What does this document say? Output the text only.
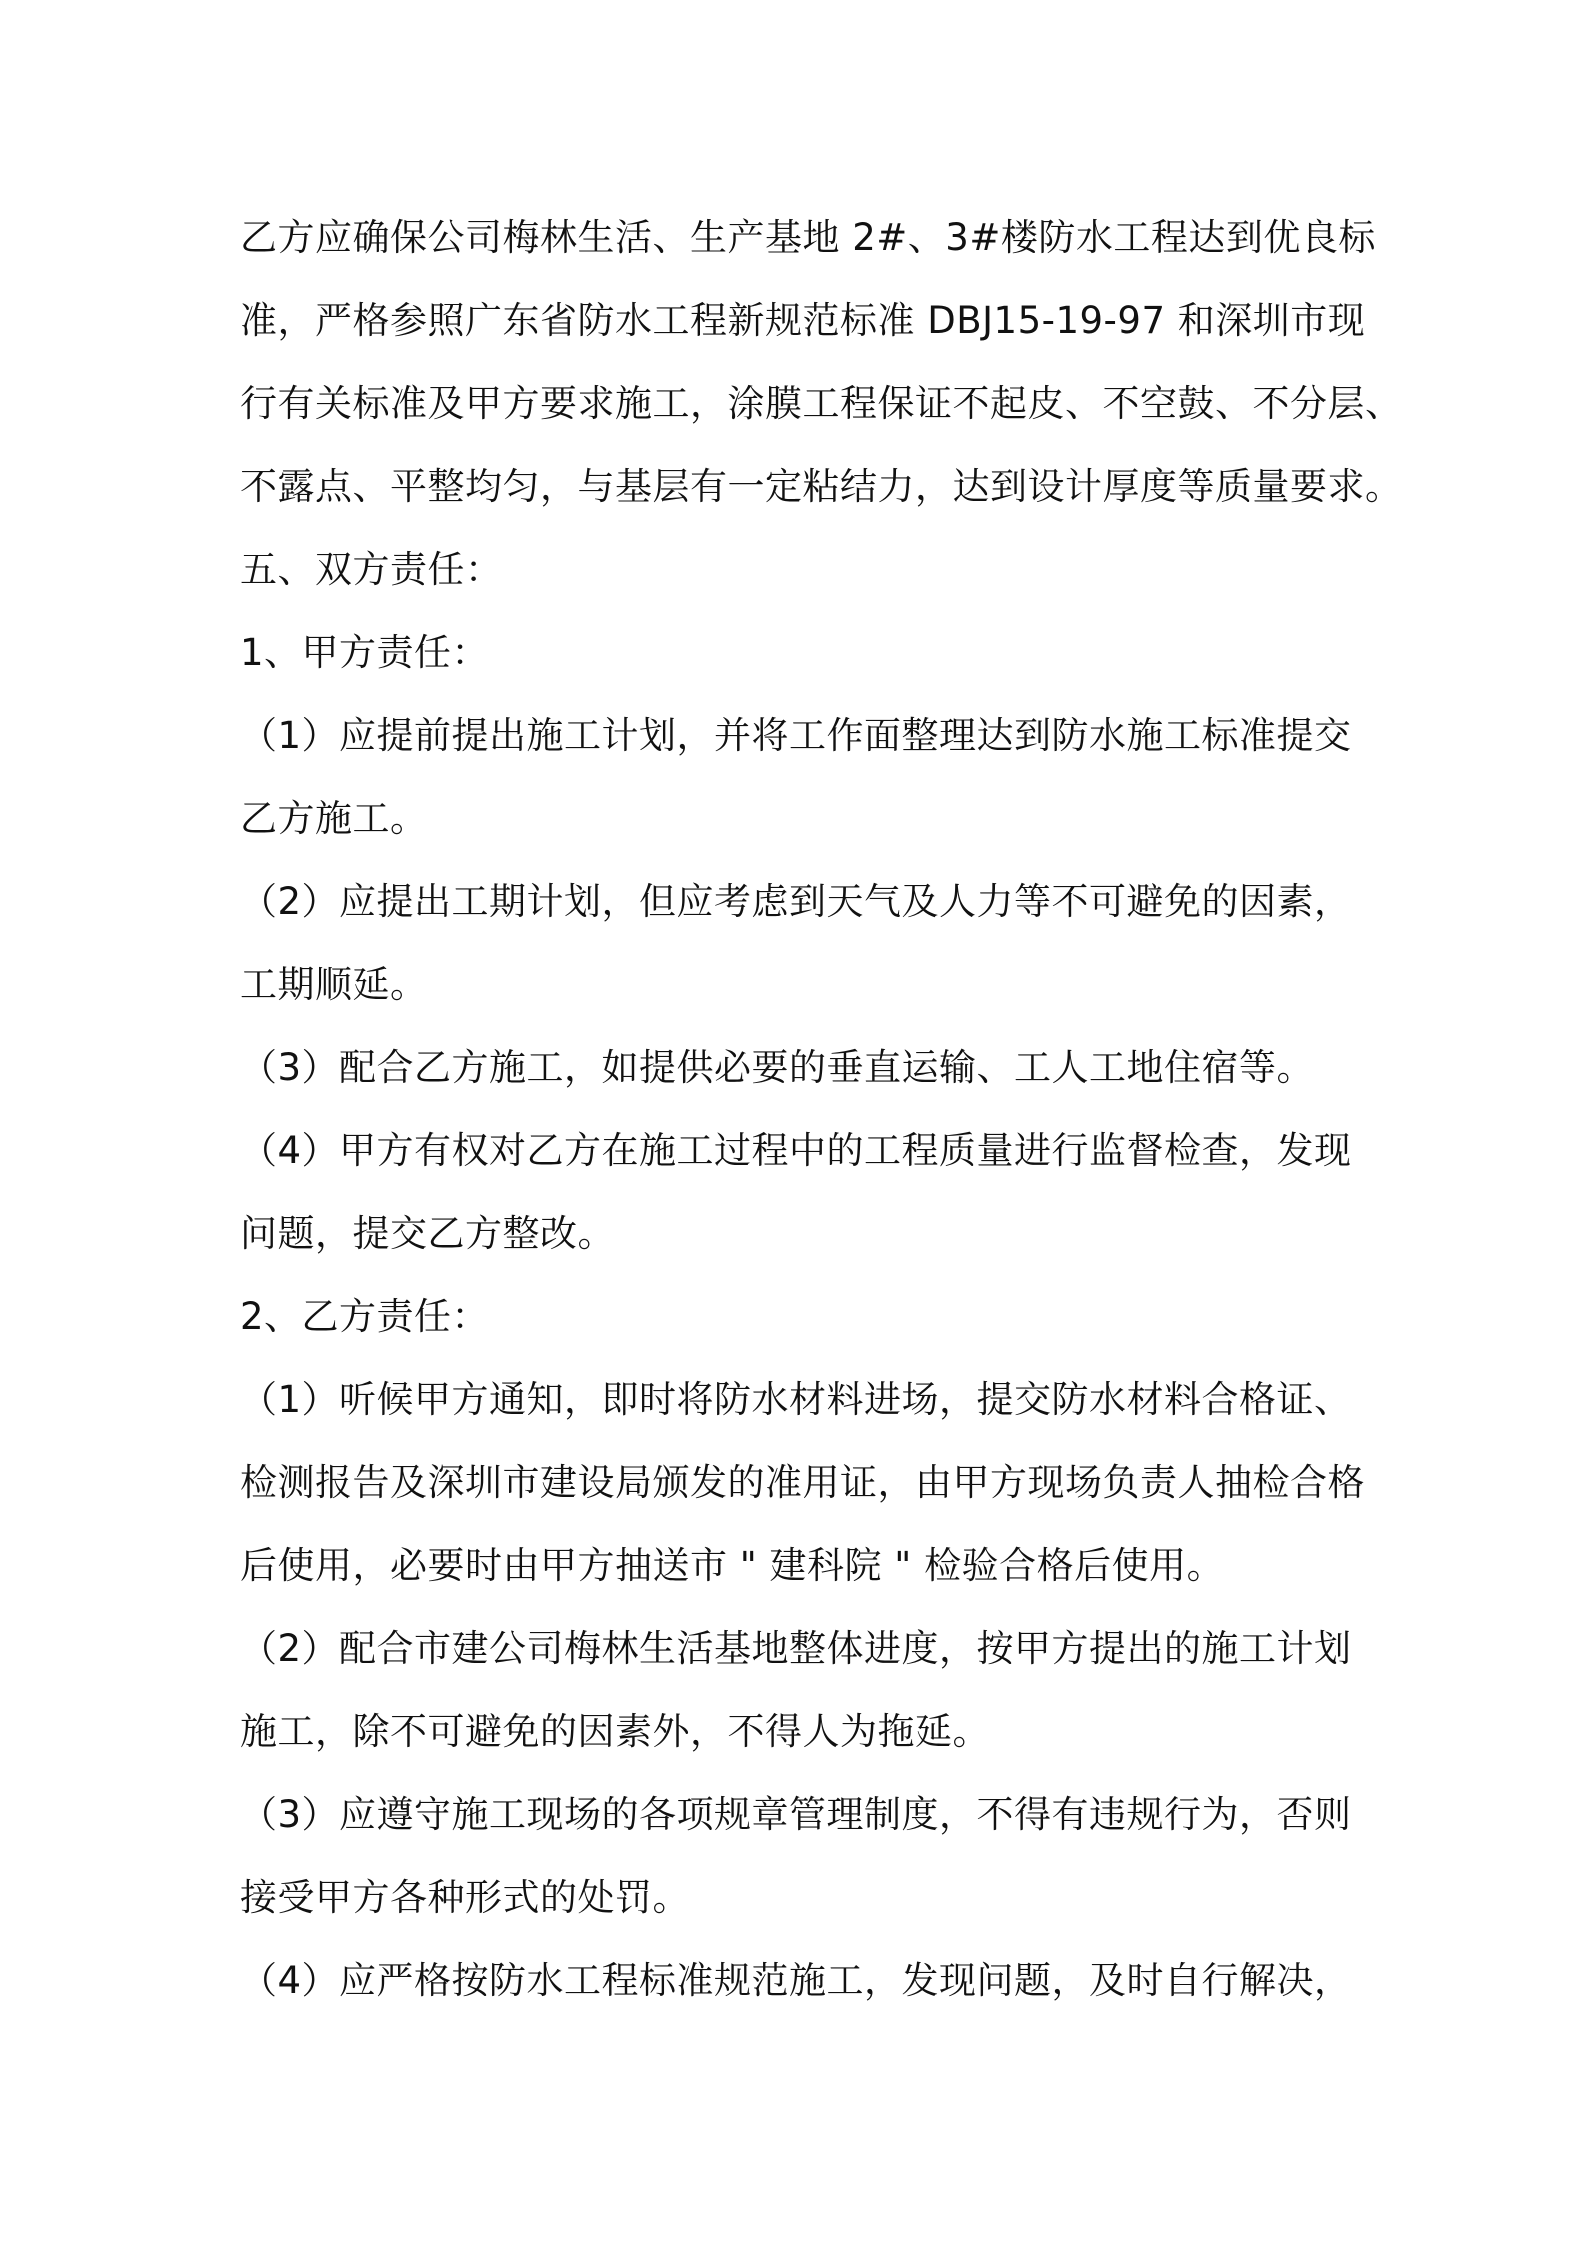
乙方应确保公司梅林生活、生产基地 2#、3#楼防水工程达到优良标
准，严格参照广东省防水工程新规范标准 DBJ15-19-97 和深圳市现
行有关标准及甲方要求施工，涂膜工程保证不起皮、不空鼓、不分层、
不露点、平整均匀，与基层有一定粘结力，达到设计厚度等质量要求。
五、双方责任：
1、甲方责任：
（1）应提前提出施工计划，并将工作面整理达到防水施工标准提交
乙方施工。
（2）应提出工期计划，但应考虑到天气及人力等不可避免的因素，
工期顺延。
（3）配合乙方施工，如提供必要的垂直运输、工人工地住宿等。
（4）甲方有权对乙方在施工过程中的工程质量进行监督检查，发现
问题，提交乙方整改。
2、乙方责任：
（1）听候甲方通知，即时将防水材料进场，提交防水材料合格证、
检测报告及深圳市建设局颁发的准用证，由甲方现场负责人抽检合格
后使用，必要时由甲方抽送市 " 建科院 " 检验合格后使用。
（2）配合市建公司梅林生活基地整体进度，按甲方提出的施工计划
施工，除不可避免的因素外，不得人为拖延。
（3）应遵守施工现场的各项规章管理制度，不得有违规行为，否则
接受甲方各种形式的处罚。
（4）应严格按防水工程标准规范施工，发现问题，及时自行解决，
